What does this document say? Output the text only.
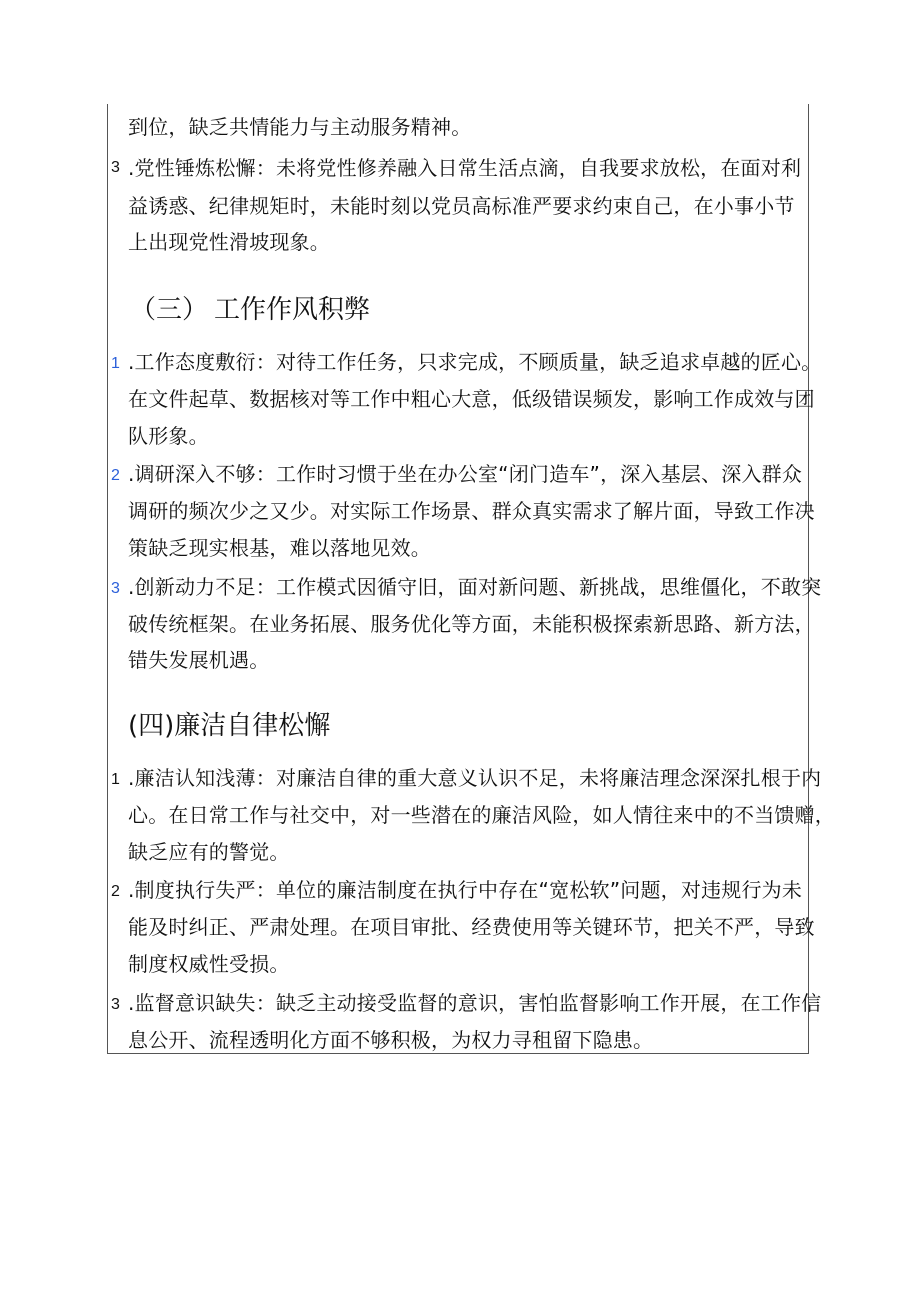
到位，缺乏共情能力与主动服务精神。
3 .党性锤炼松懈：未将党性修养融入日常生活点滴，自我要求放松，在面对利
益诱惑、纪律规矩时，未能时刻以党员高标准严要求约束自己，在小事小节
上出现党性滑坡现象。
（三） 工作作风积弊
1 .工作态度敷衍：对待工作任务，只求完成，不顾质量，缺乏追求卓越的匠心。
在文件起草、数据核对等工作中粗心大意，低级错误频发，影响工作成效与团
队形象。
2 .调研深入不够：工作时习惯于坐在办公室“闭门造车”，深入基层、深入群众
调研的频次少之又少。对实际工作场景、群众真实需求了解片面，导致工作决
策缺乏现实根基，难以落地见效。
3 .创新动力不足：工作模式因循守旧，面对新问题、新挑战，思维僵化，不敢突
破传统框架。在业务拓展、服务优化等方面，未能积极探索新思路、新方法，
错失发展机遇。
(四)廉洁自律松懈
1 .廉洁认知浅薄：对廉洁自律的重大意义认识不足，未将廉洁理念深深扎根于内
心。在日常工作与社交中，对一些潜在的廉洁风险，如人情往来中的不当馈赠，
缺乏应有的警觉。
2 .制度执行失严：单位的廉洁制度在执行中存在“宽松软”问题，对违规行为未
能及时纠正、严肃处理。在项目审批、经费使用等关键环节，把关不严，导致
制度权威性受损。
3 .监督意识缺失：缺乏主动接受监督的意识，害怕监督影响工作开展，在工作信
息公开、流程透明化方面不够积极，为权力寻租留下隐患。
